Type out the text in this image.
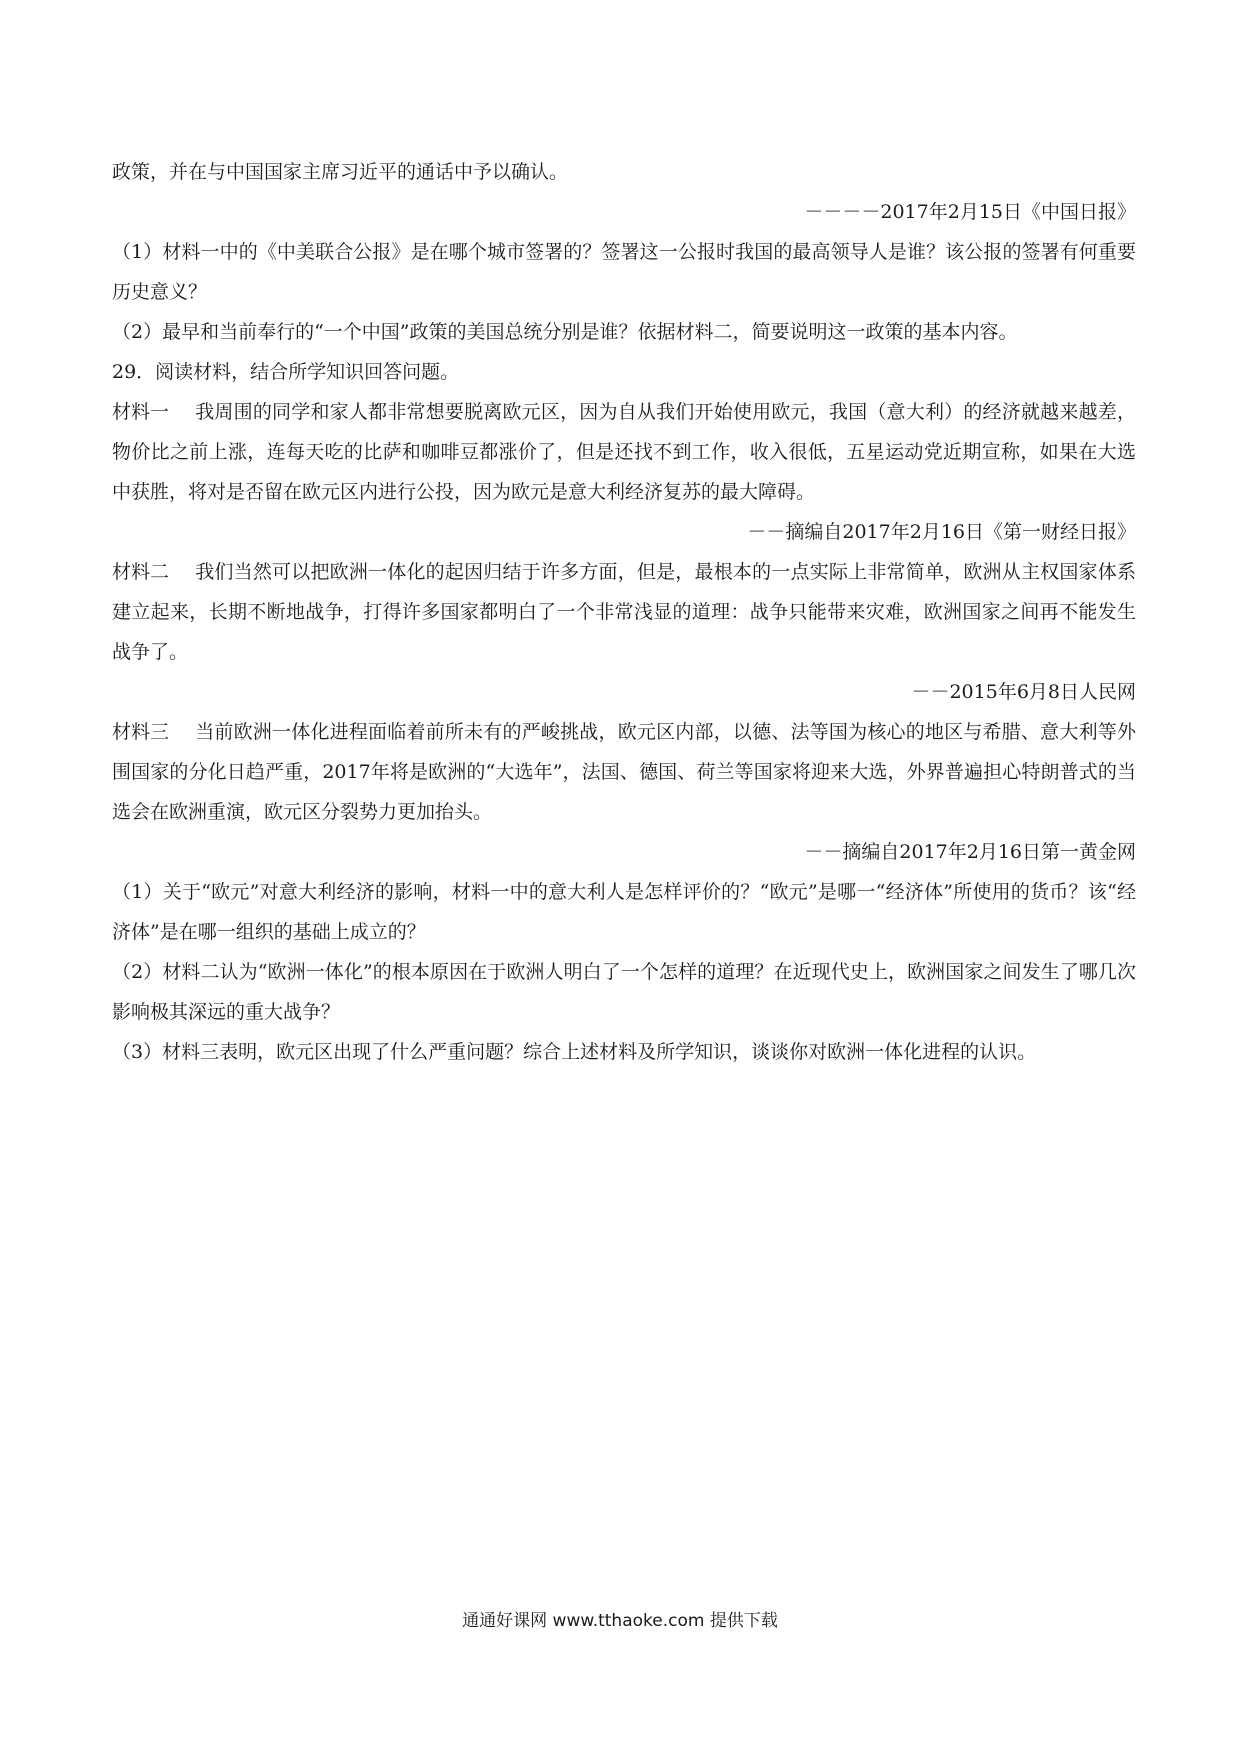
政策，并在与中国国家主席习近平的通话中予以确认。
－－－－2017年2月15日《中国日报》
（1）材料一中的《中美联合公报》是在哪个城市签署的？签署这一公报时我国的最高领导人是谁？该公报的签署有何重要历史意义？
（2）最早和当前奉行的“一个中国”政策的美国总统分别是谁？依据材料二，简要说明这一政策的基本内容。
29．阅读材料，结合所学知识回答问题。
材料一 我周围的同学和家人都非常想要脱离欧元区，因为自从我们开始使用欧元，我国（意大利）的经济就越来越差，物价比之前上涨，连每天吃的比萨和咖啡豆都涨价了，但是还找不到工作，收入很低，五星运动党近期宣称，如果在大选中获胜，将对是否留在欧元区内进行公投，因为欧元是意大利经济复苏的最大障碍。
－－摘编自2017年2月16日《第一财经日报》
材料二 我们当然可以把欧洲一体化的起因归结于许多方面，但是，最根本的一点实际上非常简单，欧洲从主权国家体系建立起来，长期不断地战争，打得许多国家都明白了一个非常浅显的道理：战争只能带来灾难，欧洲国家之间再不能发生战争了。
－－2015年6月8日人民网
材料三 当前欧洲一体化进程面临着前所未有的严峻挑战，欧元区内部，以德、法等国为核心的地区与希腊、意大利等外围国家的分化日趋严重，2017年将是欧洲的“大选年”，法国、德国、荷兰等国家将迎来大选，外界普遍担心特朗普式的当选会在欧洲重演，欧元区分裂势力更加抬头。
－－摘编自2017年2月16日第一黄金网
（1）关于“欧元”对意大利经济的影响，材料一中的意大利人是怎样评价的？“欧元”是哪一“经济体”所使用的货币？该“经济体”是在哪一组织的基础上成立的？
（2）材料二认为“欧洲一体化”的根本原因在于欧洲人明白了一个怎样的道理？在近现代史上，欧洲国家之间发生了哪几次影响极其深远的重大战争？
（3）材料三表明，欧元区出现了什么严重问题？综合上述材料及所学知识，谈谈你对欧洲一体化进程的认识。
通通好课网 www.tthaoke.com 提供下载
